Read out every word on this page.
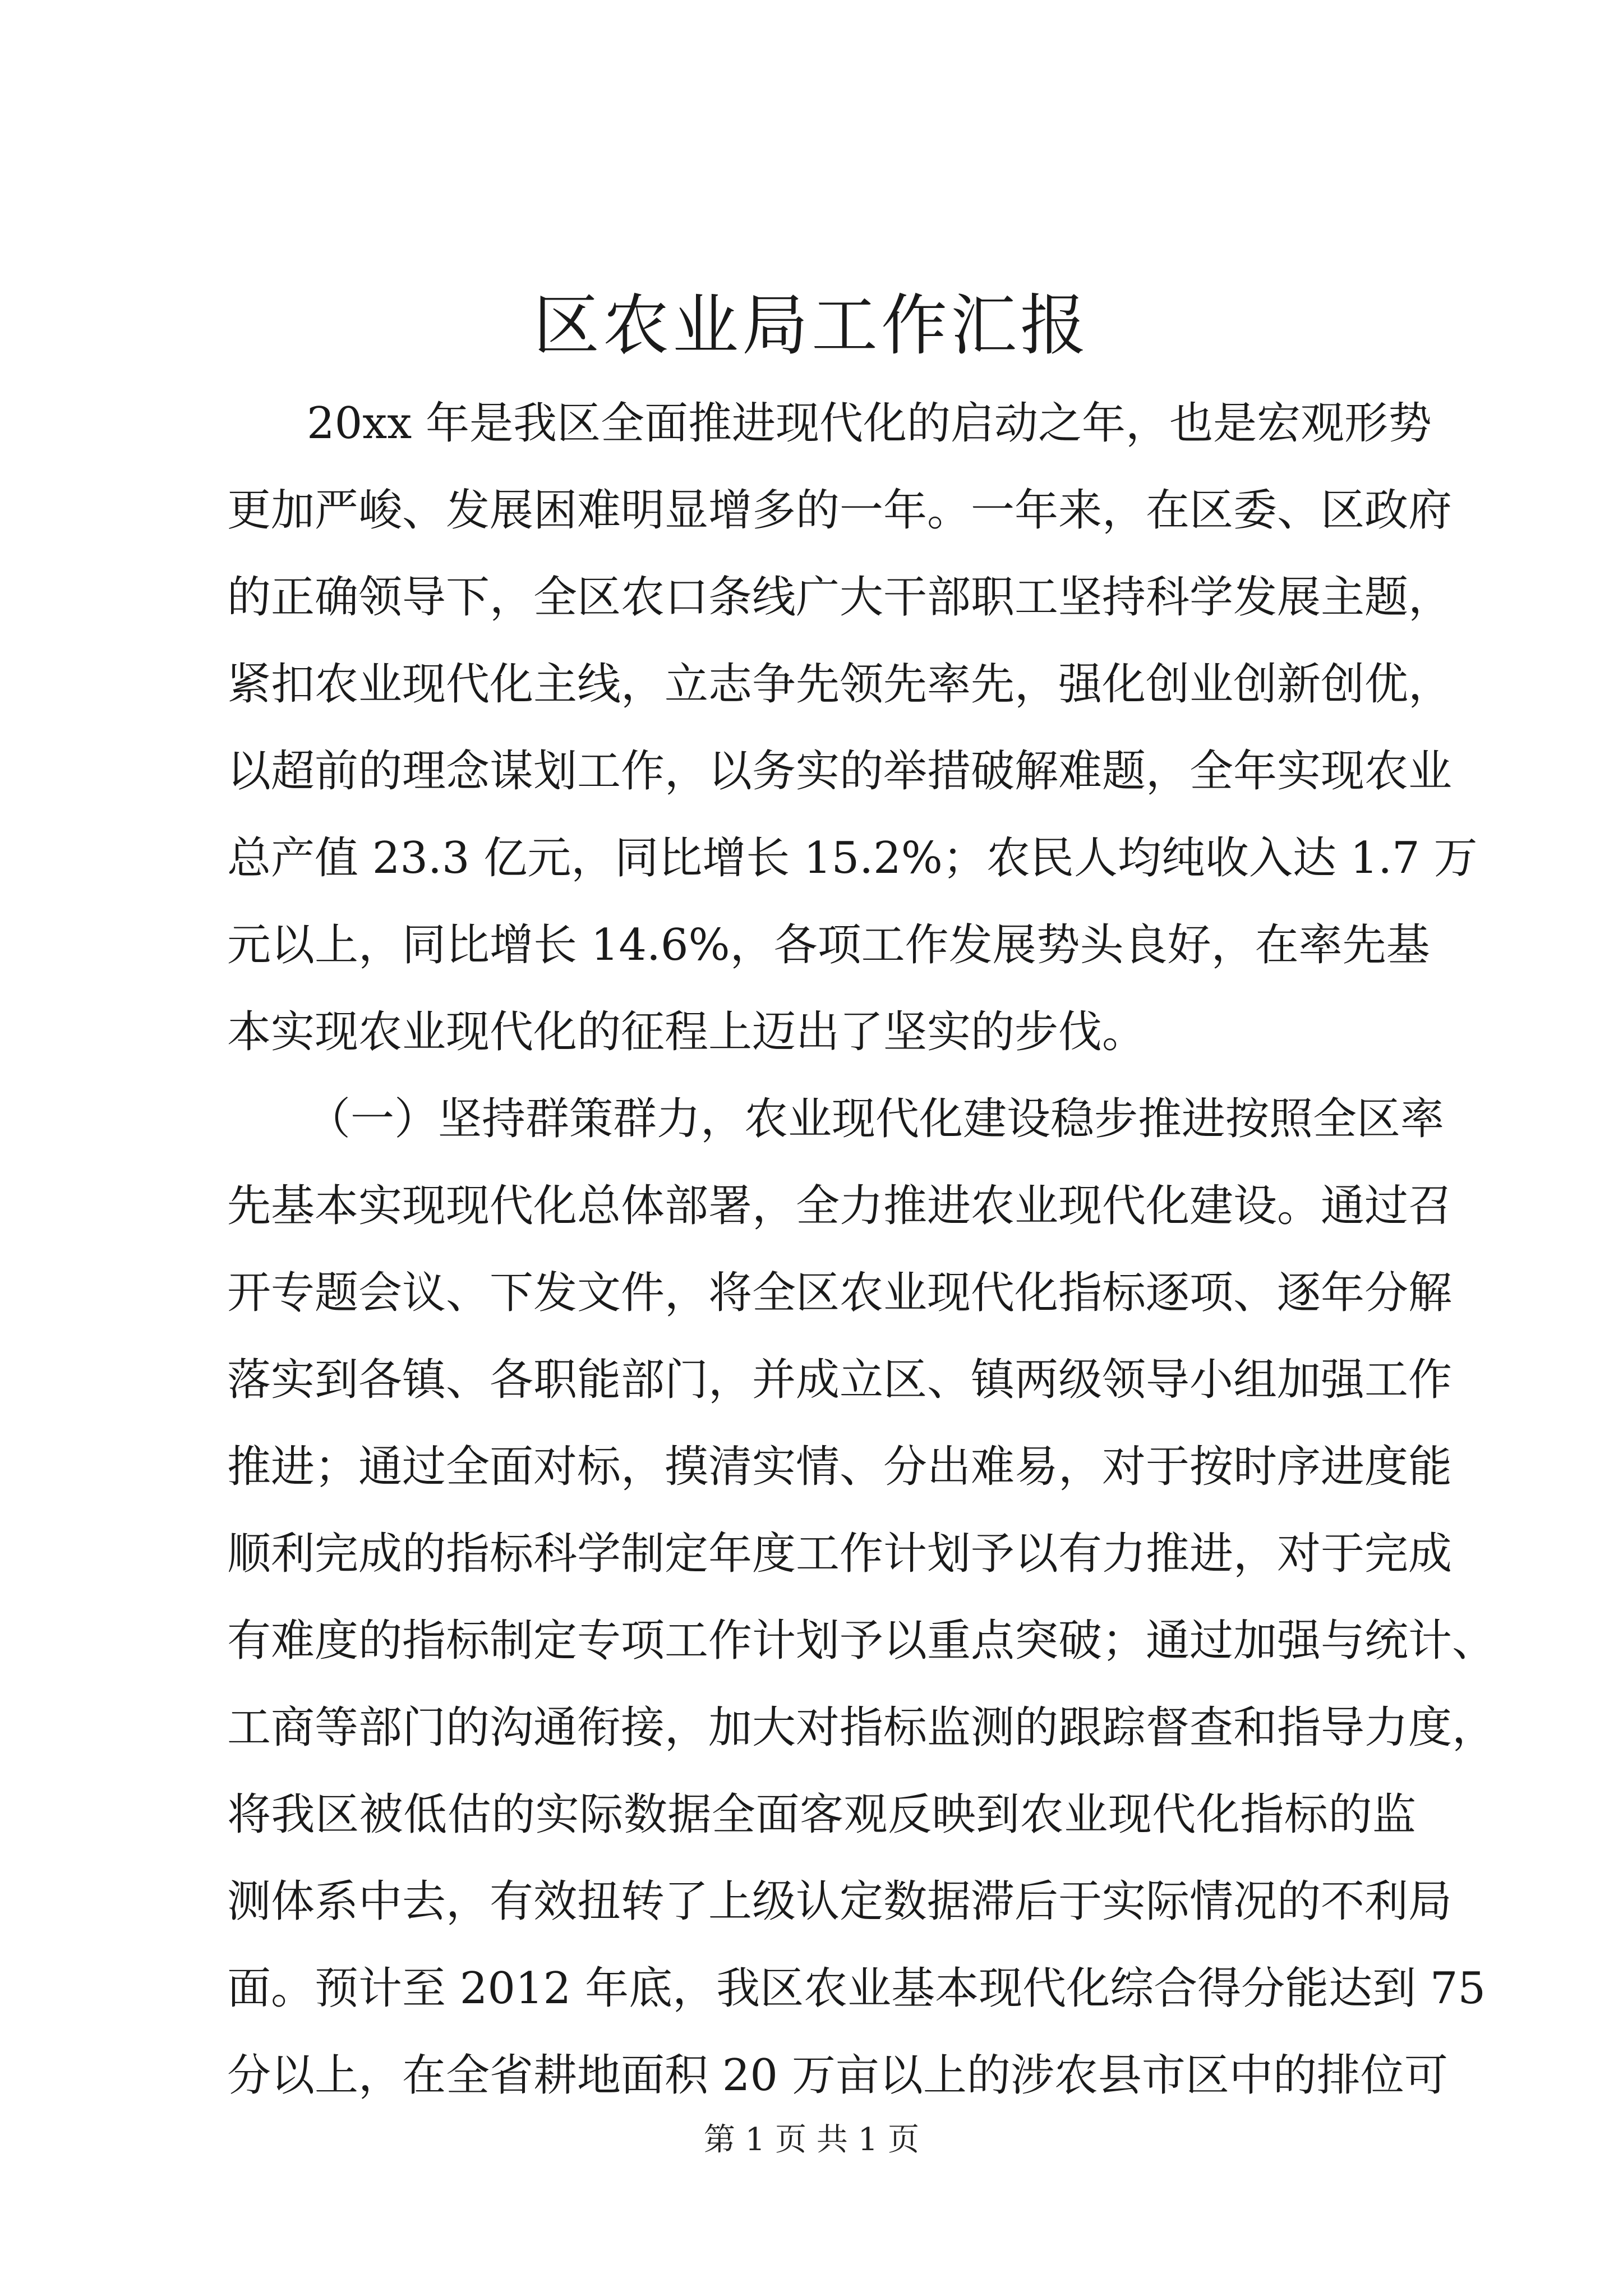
区农业局工作汇报

20xx 年是我区全面推进现代化的启动之年，也是宏观形势

更加严峻、发展困难明显增多的一年。一年来，在区委、区政府

的正确领导下，全区农口条线广大干部职工坚持科学发展主题，

紧扣农业现代化主线，立志争先领先率先，强化创业创新创优，

以超前的理念谋划工作，以务实的举措破解难题，全年实现农业

总产值 23.3 亿元，同比增长 15.2%；农民人均纯收入达 1.7 万

元以上，同比增长 14.6%，各项工作发展势头良好，在率先基

本实现农业现代化的征程上迈出了坚实的步伐。

（一）坚持群策群力，农业现代化建设稳步推进按照全区率

先基本实现现代化总体部署，全力推进农业现代化建设。通过召

开专题会议、下发文件，将全区农业现代化指标逐项、逐年分解

落实到各镇、各职能部门，并成立区、镇两级领导小组加强工作

推进；通过全面对标，摸清实情、分出难易，对于按时序进度能

顺利完成的指标科学制定年度工作计划予以有力推进，对于完成

有难度的指标制定专项工作计划予以重点突破；通过加强与统计、

工商等部门的沟通衔接，加大对指标监测的跟踪督查和指导力度，

将我区被低估的实际数据全面客观反映到农业现代化指标的监

测体系中去，有效扭转了上级认定数据滞后于实际情况的不利局

面。预计至 2012 年底，我区农业基本现代化综合得分能达到 75

分以上，在全省耕地面积 20 万亩以上的涉农县市区中的排位可

第 1 页 共 1 页
